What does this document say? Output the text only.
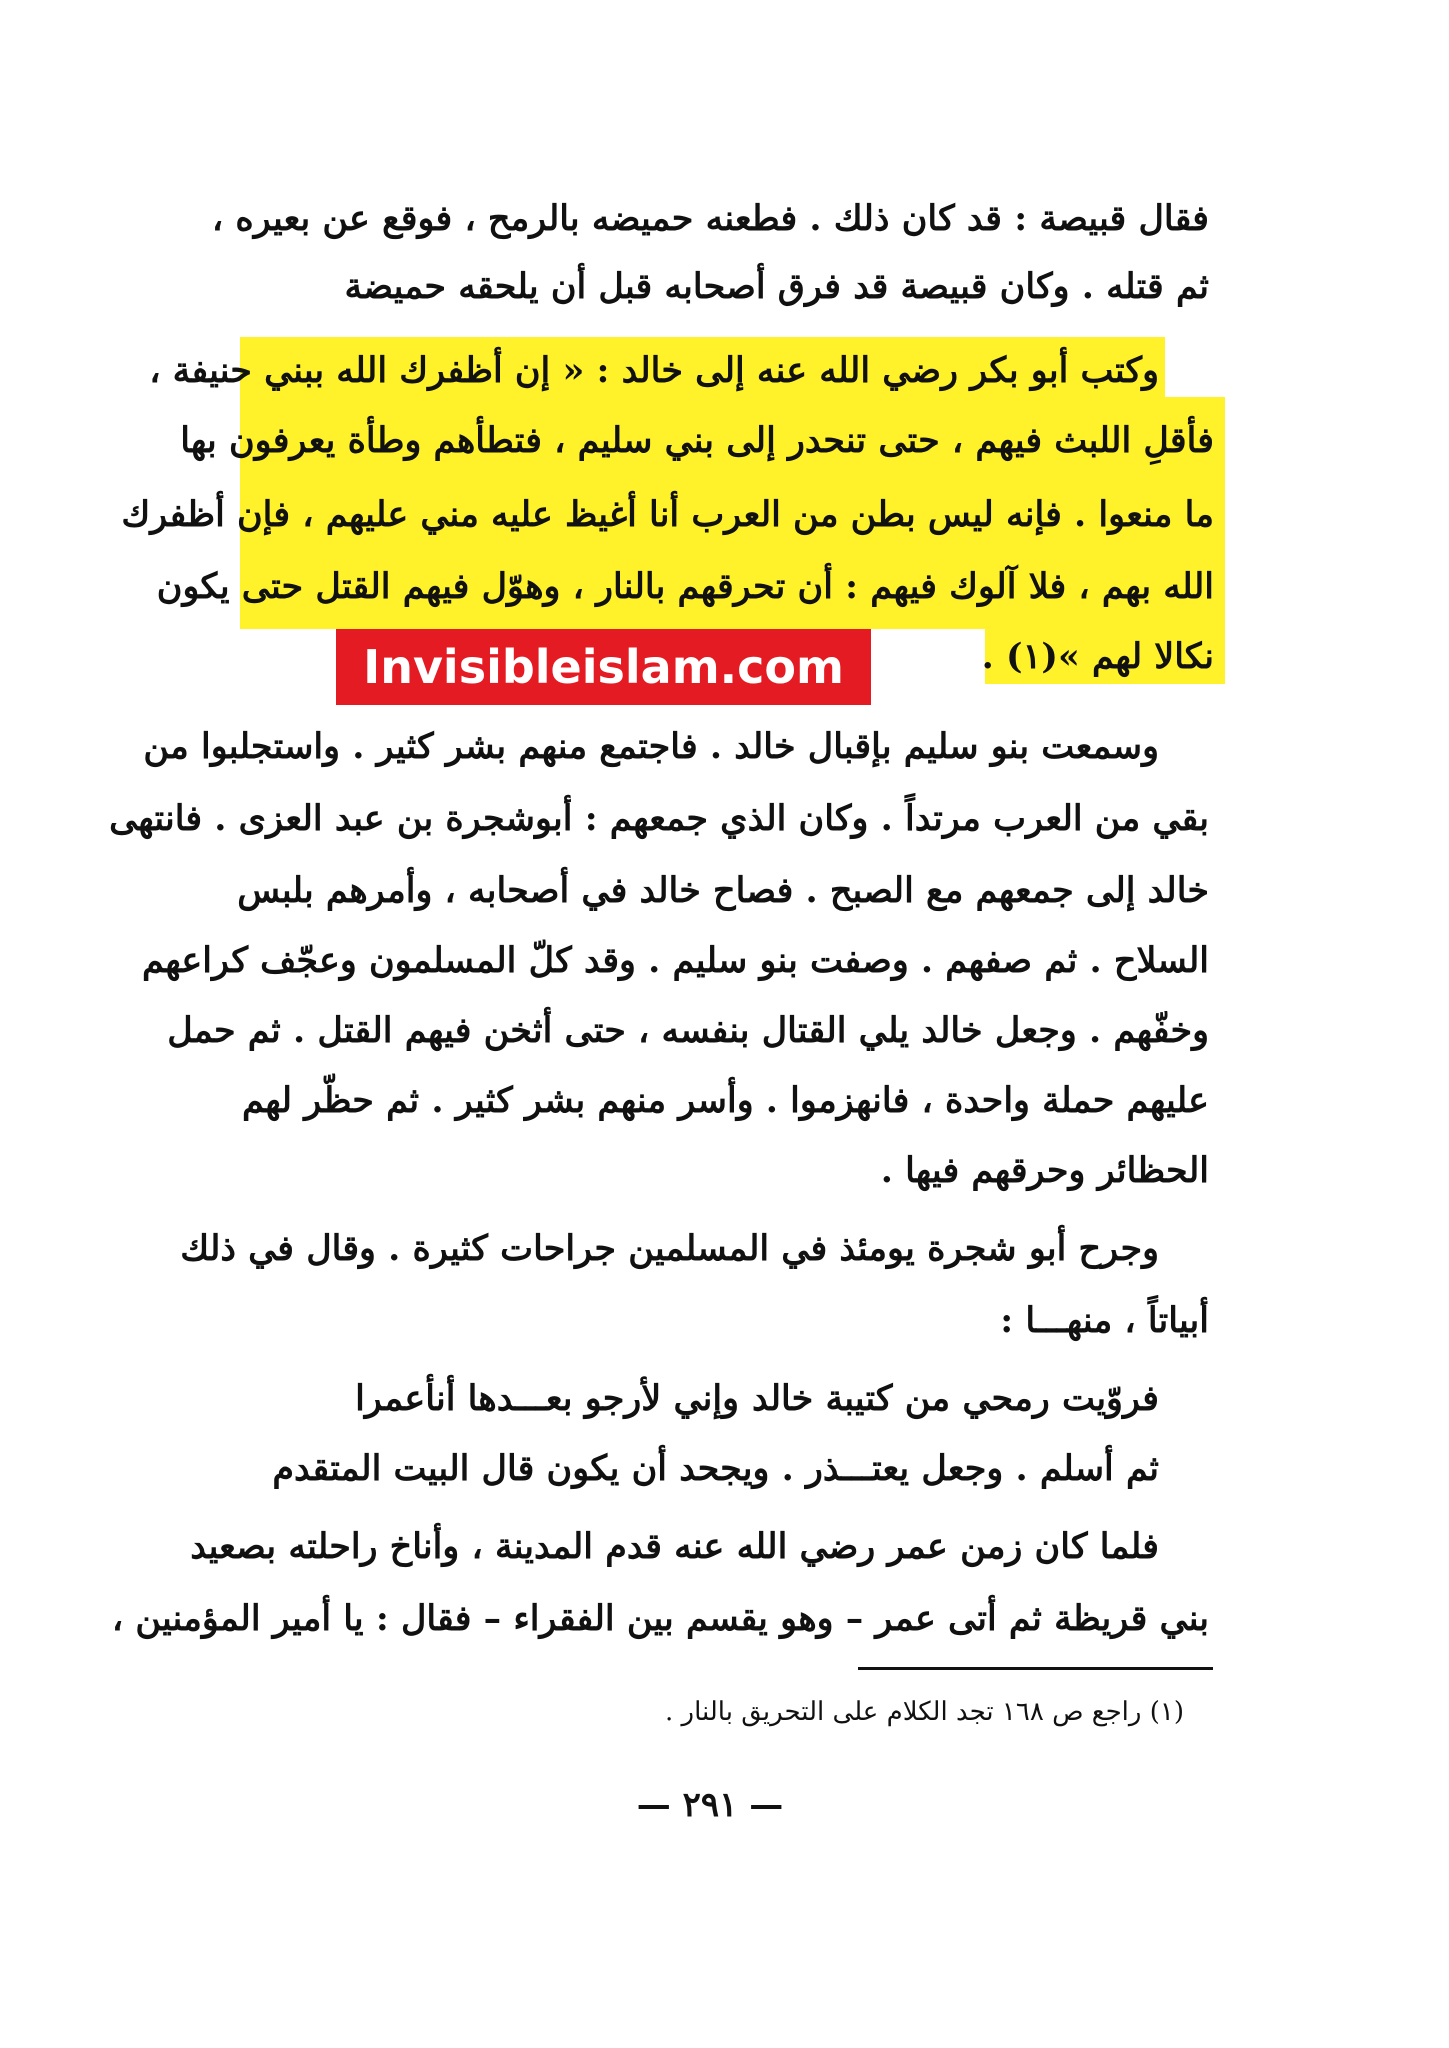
فقال قبيصة : قد كان ذلك . فطعنه حميضه بالرمح ، فوقع عن بعيره ،
ثم قتله . وكان قبيصة قد فرق أصحابه قبل أن يلحقه حميضة
وكتب أبو بكر رضي الله عنه إلى خالد : « إن أظفرك الله ببني حنيفة ،
فأقلِ اللبث فيهم ، حتى تنحدر إلى بني سليم ، فتطأهم وطأة يعرفون بها
ما منعوا . فإنه ليس بطن من العرب أنا أغيظ عليه مني عليهم ، فإن أظفرك
الله بهم ، فلا آلوك فيهم : أن تحرقهم بالنار ، وهوّل فيهم القتل حتى يكون
نكالا لهم »(١) .
Invisibleislam.com
وسمعت بنو سليم بإقبال خالد . فاجتمع منهم بشر كثير . واستجلبوا من
بقي من العرب مرتداً . وكان الذي جمعهم : أبوشجرة بن عبد العزى . فانتهى
خالد إلى جمعهم مع الصبح . فصاح خالد في أصحابه ، وأمرهم بلبس
السلاح . ثم صفهم . وصفت بنو سليم . وقد كلّ المسلمون وعجّف كراعهم
وخفّهم . وجعل خالد يلي القتال بنفسه ، حتى أثخن فيهم القتل . ثم حمل
عليهم حملة واحدة ، فانهزموا . وأسر منهم بشر كثير . ثم حظّر لهم
الحظائر وحرقهم فيها .
وجرح أبو شجرة يومئذ في المسلمين جراحات كثيرة . وقال في ذلك
أبياتاً ، منهـــا :
فروّيت رمحي من كتيبة خالد
وإني لأرجو بعـــدها أنأعمرا
ثم أسلم . وجعل يعتـــذر . ويجحد أن يكون قال البيت المتقدم
فلما كان زمن عمر رضي الله عنه قدم المدينة ، وأناخ راحلته بصعيد
بني قريظة ثم أتى عمر – وهو يقسم بين الفقراء – فقال : يا أمير المؤمنين ،
(١) راجع ص ١٦٨ تجد الكلام على التحريق بالنار .
— ٢٩١ —
